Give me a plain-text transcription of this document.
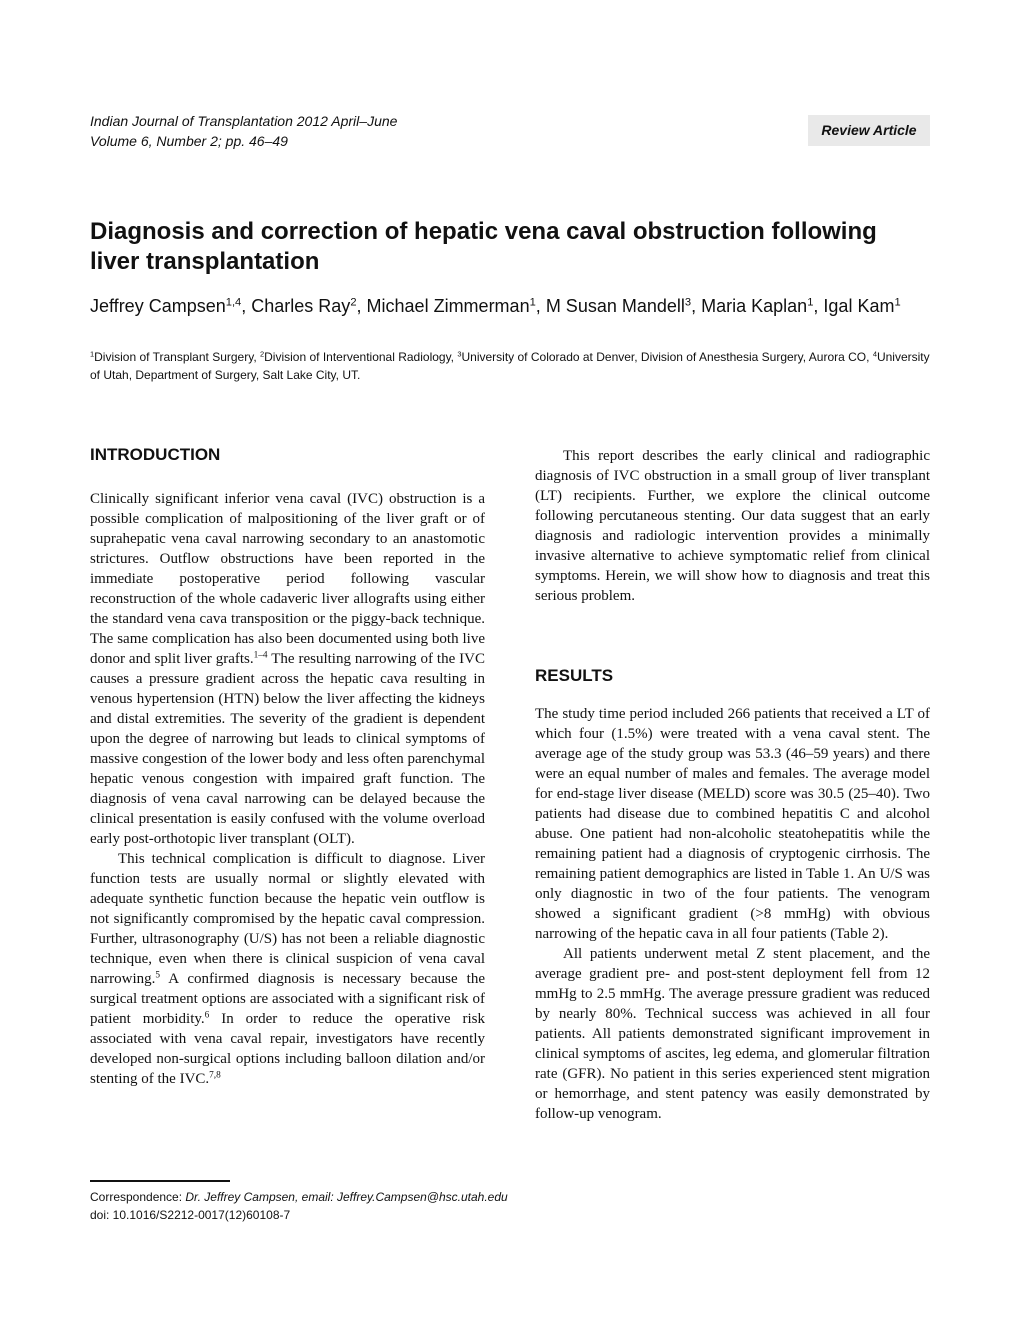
Indian Journal of Transplantation 2012 April–June
Volume 6, Number 2; pp. 46–49
Review Article
Diagnosis and correction of hepatic vena caval obstruction following liver transplantation
Jeffrey Campsen$^{1,4}$, Charles Ray$^2$, Michael Zimmerman$^1$, M Susan Mandell$^3$, Maria Kaplan$^1$, Igal Kam$^1$
$^1$Division of Transplant Surgery, $^2$Division of Interventional Radiology, $^3$University of Colorado at Denver, Division of Anesthesia Surgery, Aurora CO, $^4$University of Utah, Department of Surgery, Salt Lake City, UT.
INTRODUCTION

Clinically significant inferior vena caval (IVC) obstruction is a possible complication of malpositioning of the liver graft or of suprahepatic vena caval narrowing secondary to an anastomotic strictures. Outflow obstructions have been reported in the immediate postoperative period following vascular reconstruction of the whole cadaveric liver allografts using either the standard vena cava transposition or the piggy-back technique. The same complication has also been documented using both live donor and split liver grafts.$^{1-4}$ The resulting narrowing of the IVC causes a pressure gradient across the hepatic cava resulting in venous hypertension (HTN) below the liver affecting the kidneys and distal extremities. The severity of the gradient is dependent upon the degree of narrowing but leads to clinical symptoms of massive congestion of the lower body and less often parenchymal hepatic venous congestion with impaired graft function. The diagnosis of vena caval narrowing can be delayed because the clinical presentation is easily confused with the volume overload early post-orthotopic liver transplant (OLT).

This technical complication is difficult to diagnose. Liver function tests are usually normal or slightly elevated with adequate synthetic function because the hepatic vein outflow is not significantly compromised by the hepatic caval compression. Further, ultrasonography (U/S) has not been a reliable diagnostic technique, even when there is clinical suspicion of vena caval narrowing.$^5$ A confirmed diagnosis is necessary because the surgical treatment options are associated with a significant risk of patient morbidity.$^6$ In order to reduce the operative risk associated with vena caval repair, investigators have recently developed non-surgical options including balloon dilation and/or stenting of the IVC.$^{7,8}$

This report describes the early clinical and radiographic diagnosis of IVC obstruction in a small group of liver transplant (LT) recipients. Further, we explore the clinical outcome following percutaneous stenting. Our data suggest that an early diagnosis and radiologic intervention provides a minimally invasive alternative to achieve symptomatic relief from clinical symptoms. Herein, we will show how to diagnosis and treat this serious problem.

RESULTS

The study time period included 266 patients that received a LT of which four (1.5%) were treated with a vena caval stent. The average age of the study group was 53.3 (46–59 years) and there were an equal number of males and females. The average model for end-stage liver disease (MELD) score was 30.5 (25–40). Two patients had disease due to combined hepatitis C and alcohol abuse. One patient had non-alcoholic steatohepatitis while the remaining patient had a diagnosis of cryptogenic cirrhosis. The remaining patient demographics are listed in Table 1. An U/S was only diagnostic in two of the four patients. The venogram showed a significant gradient (>8 mmHg) with obvious narrowing of the hepatic cava in all four patients (Table 2).

All patients underwent metal Z stent placement, and the average gradient pre- and post-stent deployment fell from 12 mmHg to 2.5 mmHg. The average pressure gradient was reduced by nearly 80%. Technical success was achieved in all four patients. All patients demonstrated significant improvement in clinical symptoms of ascites, leg edema, and glomerular filtration rate (GFR). No patient in this series experienced stent migration or hemorrhage, and stent patency was easily demonstrated by follow-up venogram.

Correspondence: Dr. Jeffrey Campsen, email: Jeffrey.Campsen@hsc.utah.edu
doi: 10.1016/S2212-0017(12)60108-7
